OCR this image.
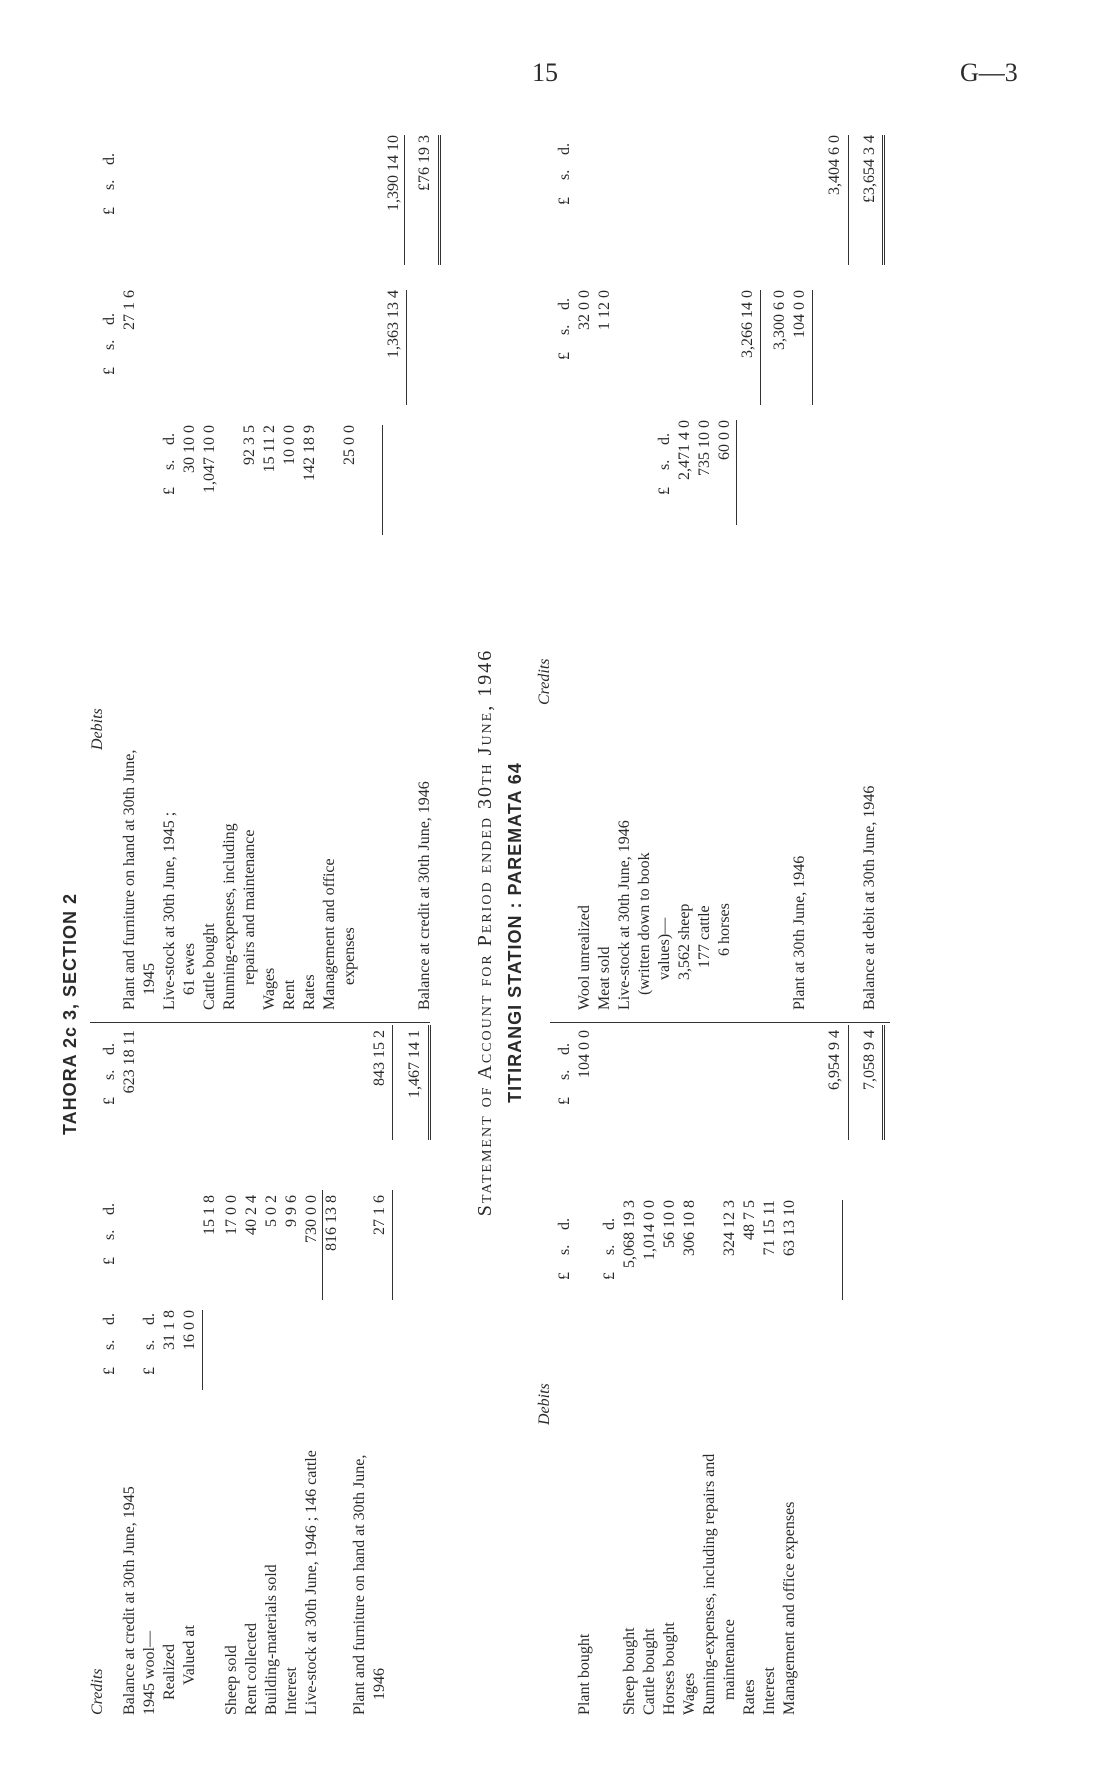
15	G—3
TAHORA 2c 3, SECTION 2
Credits
Debits
£
s.
d.
£
s.
d.
£
s.
d.
£
s.
d.
£
s.
d.
Balance at credit at 30th June, 1945
623 18 11
1945 wool—
£
s.
d.
Realized
31 1 8
Valued at
16 0 0
15 1 8
Sheep sold
17 0 0
Rent collected
40 2 4
Building-materials sold
5 0 2
Interest
9 9 6
Live-stock at 30th June, 1946 ; 146 cattle
730 0 0 816 13 8
Plant and furniture on hand at 30th June, 1946
27 1 6
843 15 2 1,467 14 1
Plant and furniture on hand at 30th June, 1945
27 1 6
Live-stock at 30th June, 1945 ;
£
s.
d.
61 ewes
30 10 0
Cattle bought
1,047 10 0
Running-expenses, including repairs and maintenance
92 3 5
Wages
15 11 2
Rent
10 0 0
Rates
142 18 9
Management and office expenses
25 0 0
1,363 13 4
1,390 14 10
Balance at credit at 30th June, 1946
£76 19 3
Statement of Account for Period ended 30th June, 1946 TITIRANGI STATION : PAREMATA 64
Debits
Credits
£
s.
d.
£
s.
d.
£
s.
d.
£
s.
d.
Plant bought
104 0 0
£
s.
d.
Sheep bought
5,068 19 3
Cattle bought
1,014 0 0
Horses bought
56 10 0
Wages
306 10 8
Running-expenses, including repairs and maintenance
324 12 3
Rates
48 7 5
Interest
71 15 11
Management and office expenses
63 13 10
6,954 9 4 7,058 9 4
Wool unrealized
32 0 0
Meat sold
1 12 0
Live-stock at 30th June, 1946 (written down to book values)—
£
s.
d.
3,562 sheep
2,471 4 0
177 cattle
735 10 0
6 horses
60 0 0
3,266 14 0 3,300 6 0
Plant at 30th June, 1946
104 0 0
3,404 6 0
Balance at debit at 30th June, 1946
£3,654 3 4
